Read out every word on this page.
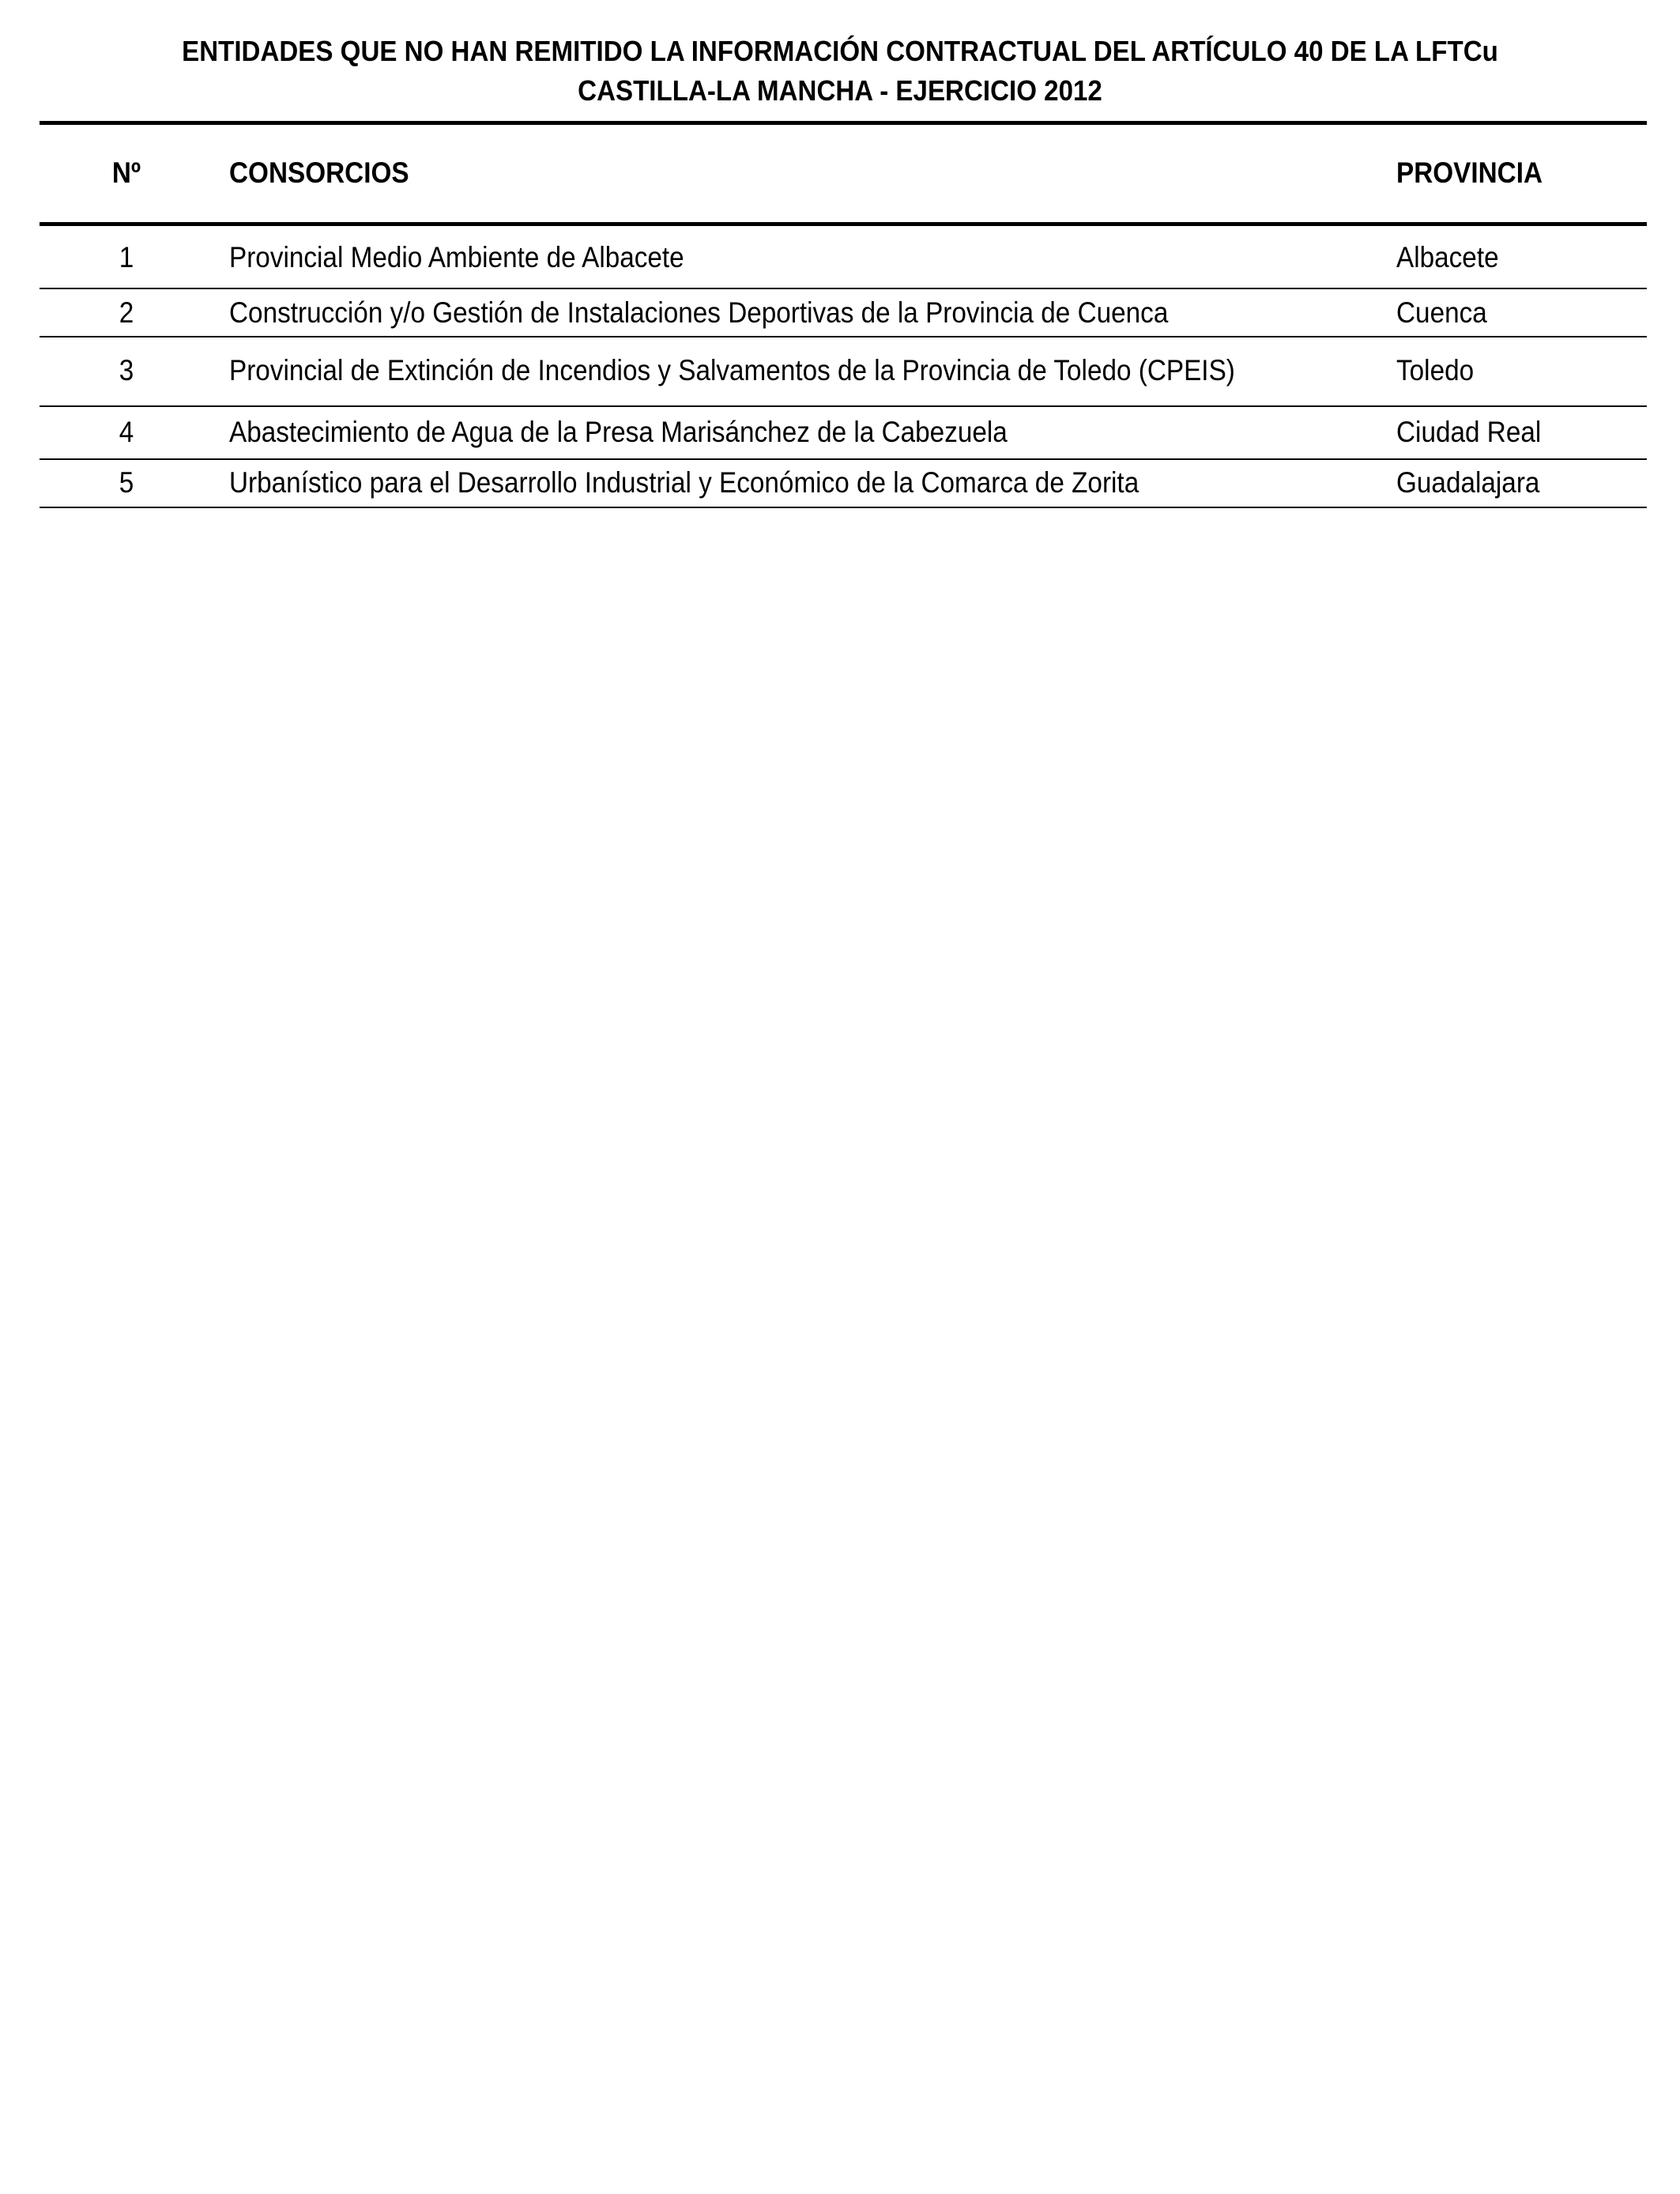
ENTIDADES QUE NO HAN REMITIDO LA INFORMACIÓN CONTRACTUAL DEL ARTÍCULO 40 DE LA LFTCu
CASTILLA-LA MANCHA - EJERCICIO 2012
Nº	CONSORCIOS	PROVINCIA
1	Provincial Medio Ambiente de Albacete	Albacete
2	Construcción y/o Gestión de Instalaciones Deportivas de la Provincia de Cuenca	Cuenca
3	Provincial de Extinción de Incendios y Salvamentos de la Provincia de Toledo (CPEIS)	Toledo
4	Abastecimiento de Agua de la Presa Marisánchez de la Cabezuela	Ciudad Real
5	Urbanístico para el Desarrollo Industrial y Económico de la Comarca de Zorita	Guadalajara
